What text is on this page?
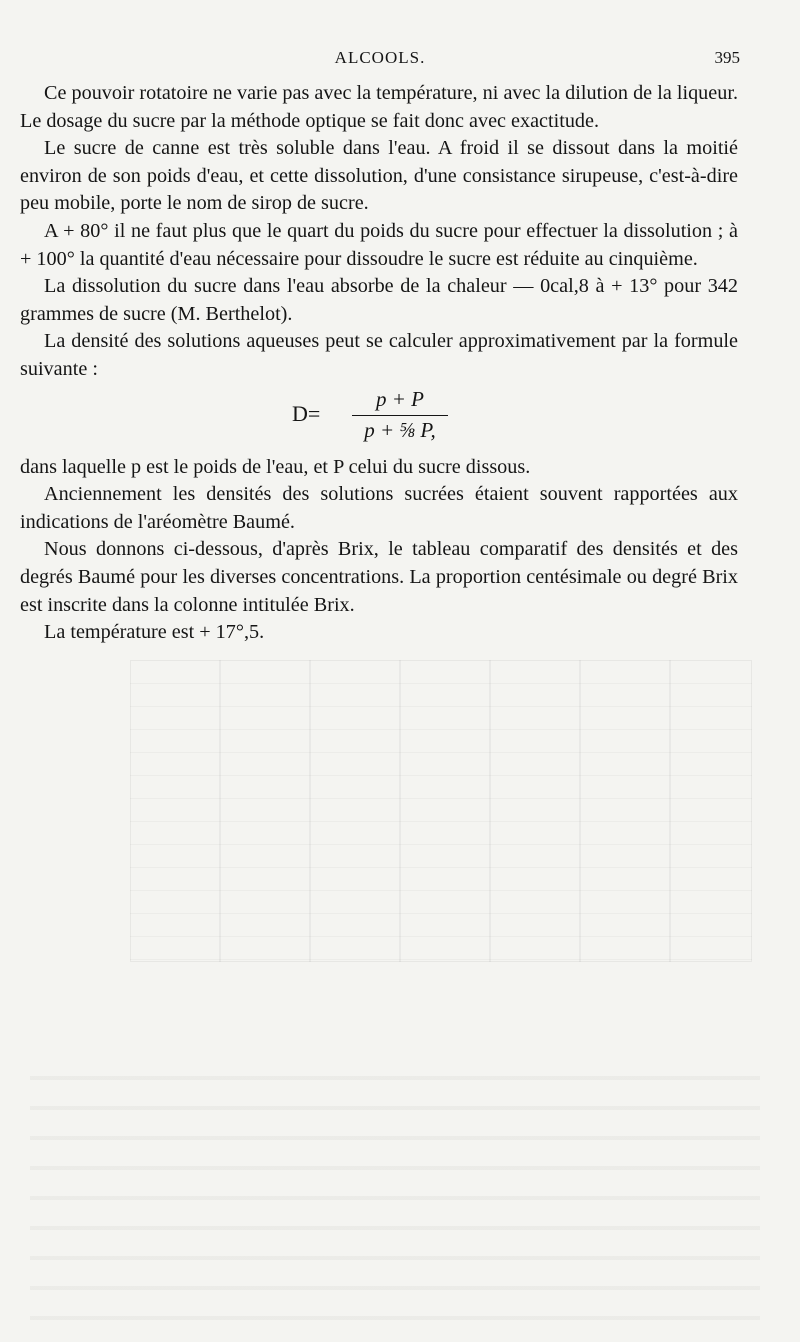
ALCOOLS.	395

Ce pouvoir rotatoire ne varie pas avec la température, ni avec la dilution de la liqueur. Le dosage du sucre par la méthode optique se fait donc avec exactitude.

Le sucre de canne est très soluble dans l'eau. A froid il se dissout dans la moitié environ de son poids d'eau, et cette dissolution, d'une consistance sirupeuse, c'est-à-dire peu mobile, porte le nom de sirop de sucre.

A + 80° il ne faut plus que le quart du poids du sucre pour effectuer la dissolution ; à + 100° la quantité d'eau nécessaire pour dissoudre le sucre est réduite au cinquième.

La dissolution du sucre dans l'eau absorbe de la chaleur — 0cal,8 à + 13° pour 342 grammes de sucre (M. Berthelot).

La densité des solutions aqueuses peut se calculer approximativement par la formule suivante :

D=
p + P
p + ⅝ P,

dans laquelle p est le poids de l'eau, et P celui du sucre dissous.

Anciennement les densités des solutions sucrées étaient souvent rapportées aux indications de l'aréomètre Baumé.

Nous donnons ci-dessous, d'après Brix, le tableau comparatif des densités et des degrés Baumé pour les diverses concentrations. La proportion centésimale ou degré Brix est inscrite dans la colonne intitulée Brix.

La température est + 17°,5.
